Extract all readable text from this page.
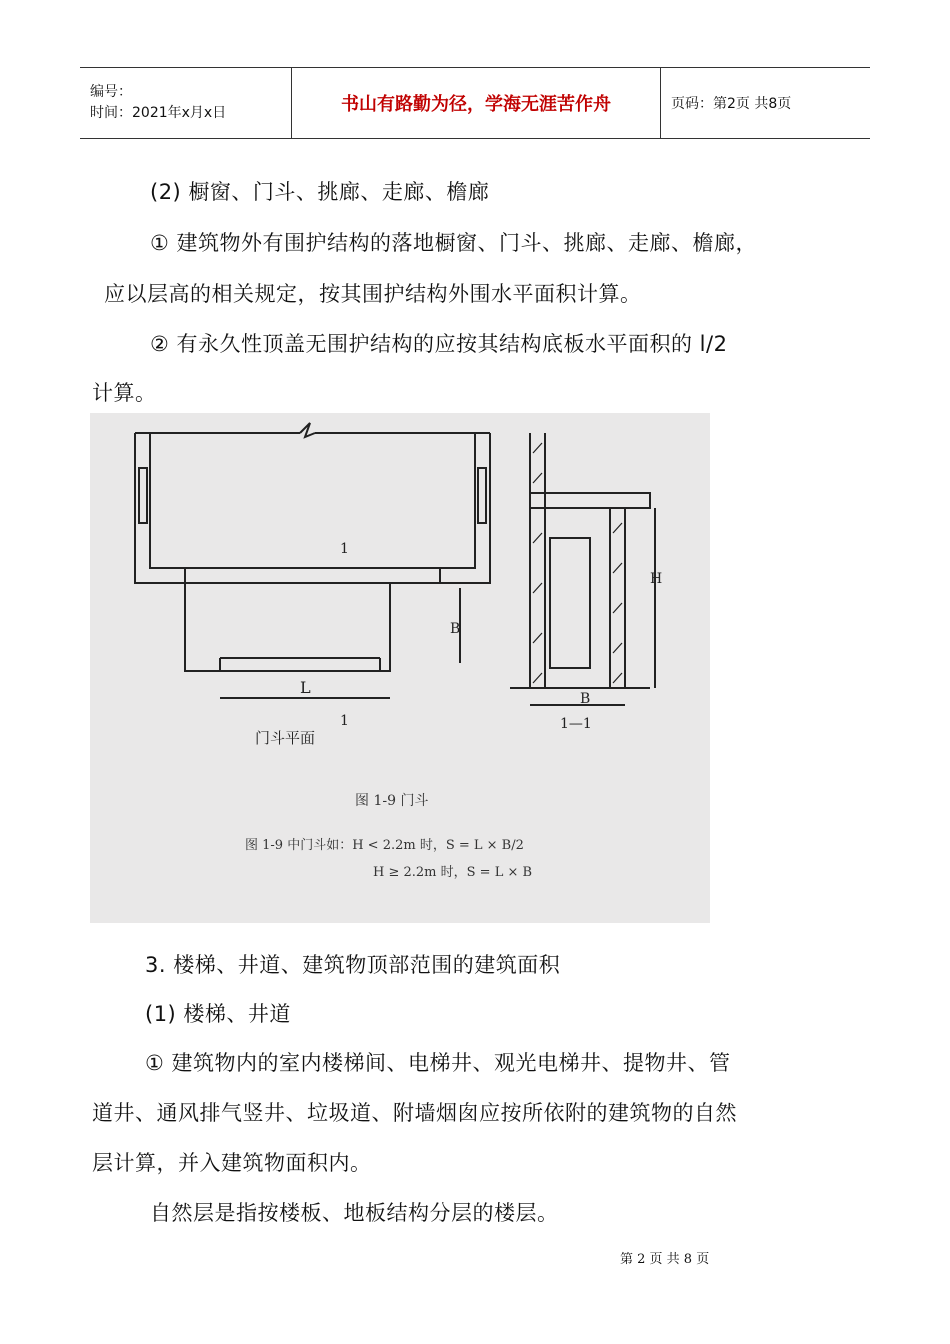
编号：
时间：2021年x月x日	书山有路勤为径，学海无涯苦作舟	页码：第2页 共8页
(2) 橱窗、门斗、挑廊、走廊、檐廊
① 建筑物外有围护结构的落地橱窗、门斗、挑廊、走廊、檐廊，
应以层高的相关规定，按其围护结构外围水平面积计算。
② 有永久性顶盖无围护结构的应按其结构底板水平面积的 l/2
计算。
L
B
H
B
1
1
门斗平面
1—1
图 1-9 门斗
图 1-9 中门斗如：H < 2.2m 时，S = L × B/2
H ≥ 2.2m 时，S = L × B
3. 楼梯、井道、建筑物顶部范围的建筑面积
(1) 楼梯、井道
① 建筑物内的室内楼梯间、电梯井、观光电梯井、提物井、管
道井、通风排气竖井、垃圾道、附墙烟囱应按所依附的建筑物的自然
层计算，并入建筑物面积内。
自然层是指按楼板、地板结构分层的楼层。
第 2 页 共 8 页
